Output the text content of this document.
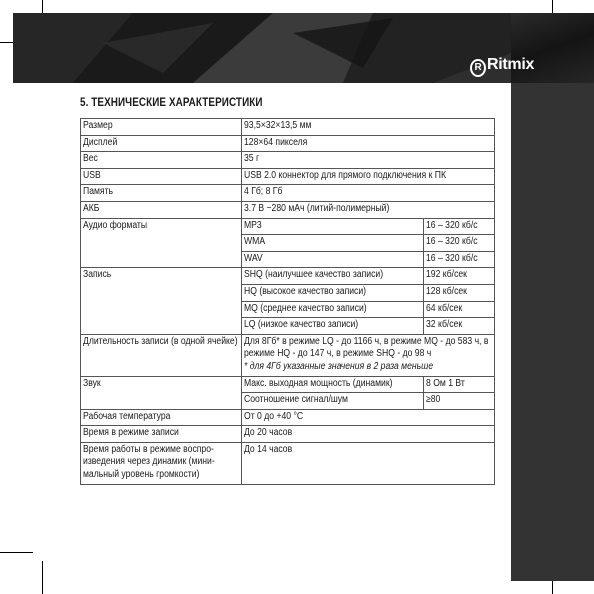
R Ritmix
5. ТЕХНИЧЕСКИЕ ХАРАКТЕРИСТИКИ
Размер	93,5×32×13,5 мм	

Дисплей	128×64 пикселя	

Вес	35 г	

USB	USB 2.0 коннектор для прямого подключения к ПК	

Память	4 Гб; 8 Гб	

АКБ	3.7 В ~280 мАч (литий-полимерный)	

Аудио форматы	MP3	16 – 320 кб/с

	WMA	16 – 320 кб/с

	WAV	16 – 320 кб/с

Запись	SHQ (наилучшее качество записи)	192 кб/сек

	HQ (высокое качество записи)	128 кб/сек

	MQ (среднее качество записи)	64 кб/сек

	LQ (низкое качество записи)	32 кб/сек

Длительность записи (в одной ячейке)	Для 8Гб* в режиме LQ - до 1166 ч, в режиме MQ - до 583 ч, в режиме HQ - до 147 ч, в режиме SHQ - до 98 ч
* для 4Гб указанные значения в 2 раза меньше	

Звук	Макс. выходная мощность (динамик)	8 Ом 1 Вт

	Соотношение сигнал/шум	≥80

Рабочая температура	От 0 до +40 °C	

Время в режиме записи	До 20 часов	

Время работы в режиме воспро-изведения через динамик (мини-мальный уровень громкости)	До 14 часов	
